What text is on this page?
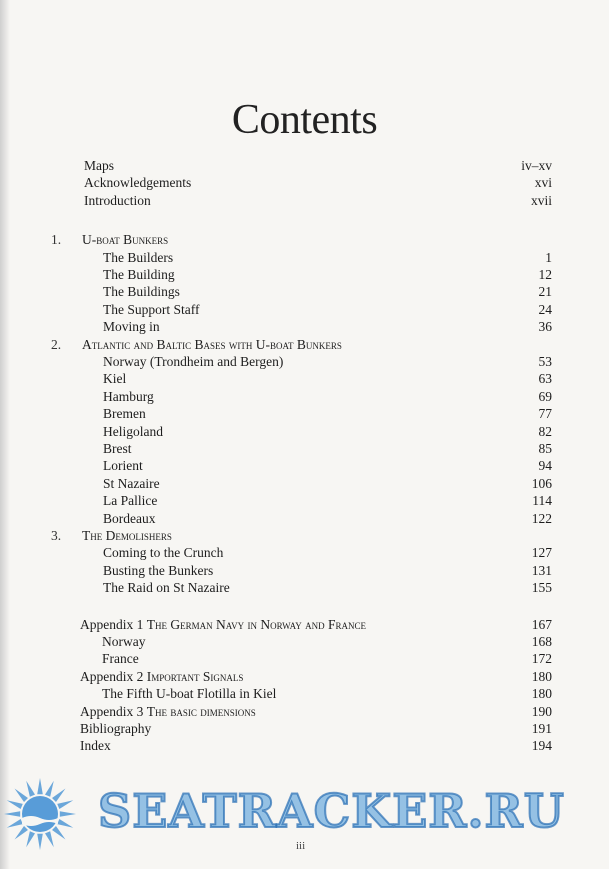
Contents
Maps	iv–xv
Acknowledgements	xvi
Introduction	xvii
1. U-boat Bunkers
The Builders	1
The Building	12
The Buildings	21
The Support Staff	24
Moving in	36
2. Atlantic and Baltic Bases with U-boat Bunkers
Norway (Trondheim and Bergen)	53
Kiel	63
Hamburg	69
Bremen	77
Heligoland	82
Brest	85
Lorient	94
St Nazaire	106
La Pallice	114
Bordeaux	122
3. The Demolishers
Coming to the Crunch	127
Busting the Bunkers	131
The Raid on St Nazaire	155
Appendix 1 The German Navy in Norway and France	167
Norway	168
France	172
Appendix 2 Important Signals	180
The Fifth U-boat Flotilla in Kiel	180
Appendix 3 The basic dimensions	190
Bibliography	191
Index	194
iii
SEATRACKER.RU
